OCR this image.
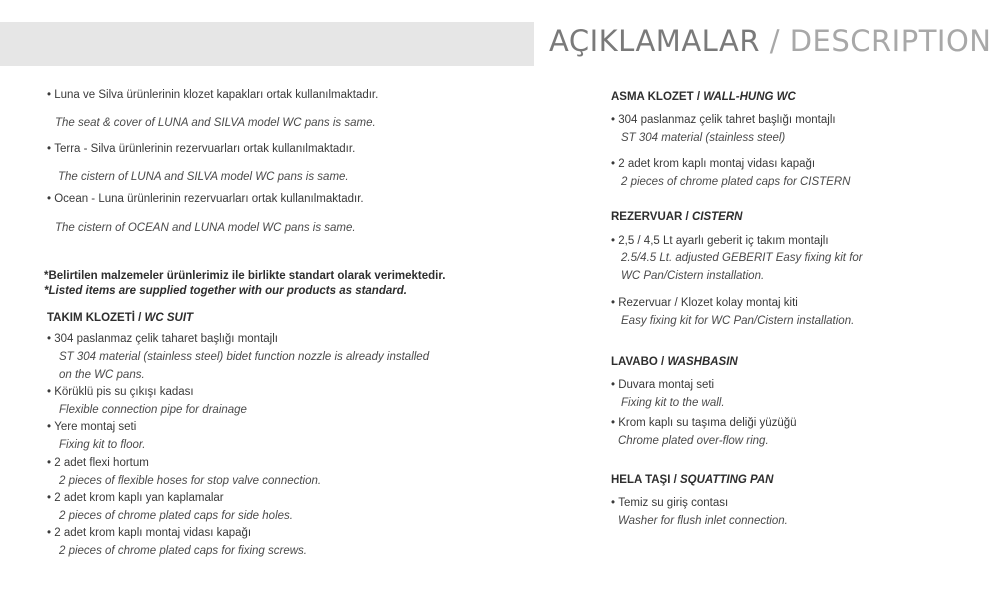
AÇIKLAMALAR / DESCRIPTION
• Luna ve Silva ürünlerinin klozet kapakları ortak kullanılmaktadır.
The seat & cover of LUNA and SILVA model WC pans is same.
• Terra - Silva ürünlerinin rezervuarları ortak kullanılmaktadır.
The cistern of LUNA and SILVA model WC pans is same.
• Ocean - Luna ürünlerinin rezervuarları ortak kullanılmaktadır.
The cistern of OCEAN and LUNA model WC pans is same.
*Belirtilen malzemeler ürünlerimiz ile birlikte standart olarak verimektedir.
*Listed items are supplied together with our products as standard.
TAKIM KLOZETİ / WC SUIT
• 304 paslanmaz çelik taharet başlığı montajlı
ST 304 material (stainless steel) bidet function nozzle is already installed
on the WC pans.
• Körüklü pis su çıkışı kadası
Flexible connection pipe for drainage
• Yere montaj seti
Fixing kit to floor.
• 2 adet flexi hortum
2 pieces of flexible hoses for stop valve connection.
• 2 adet krom kaplı yan kaplamalar
2 pieces of chrome plated caps for side holes.
• 2 adet krom kaplı montaj vidası kapağı
2 pieces of chrome plated caps for fixing screws.
ASMA KLOZET / WALL-HUNG WC
• 304 paslanmaz çelik tahret başlığı montajlı
ST 304 material (stainless steel)
• 2 adet krom kaplı montaj vidası kapağı
2 pieces of chrome plated caps for CISTERN
REZERVUAR / CISTERN
• 2,5 / 4,5 Lt ayarlı geberit iç takım montajlı
2.5/4.5 Lt. adjusted GEBERIT Easy fixing kit for
WC Pan/Cistern installation.
• Rezervuar / Klozet kolay montaj kiti
Easy fixing kit for WC Pan/Cistern installation.
LAVABO / WASHBASIN
• Duvara montaj seti
Fixing kit to the wall.
• Krom kaplı su taşıma deliği yüzüğü
Chrome plated over-flow ring.
HELA TAŞI / SQUATTING PAN
• Temiz su giriş contası
Washer for flush inlet connection.
